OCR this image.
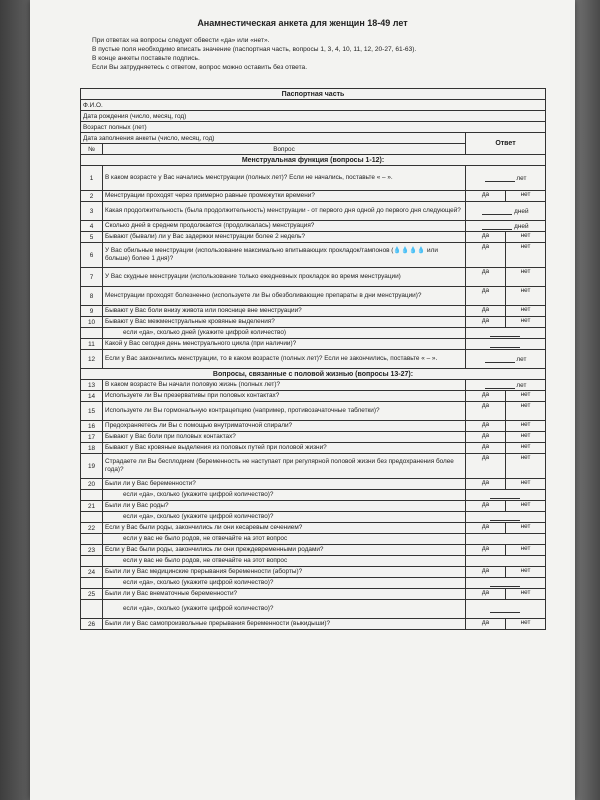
Анамнестическая анкета для женщин 18-49 лет
При ответах на вопросы следует обвести «да» или «нет».
В пустые поля необходимо вписать значение (паспортная часть, вопросы 1, 3, 4, 10, 11, 12, 20-27, 61-63).
В конце анкеты поставьте подпись.
Если Вы затрудняетесь с ответом, вопрос можно оставить без ответа.
Паспортная часть		
Ф.И.О.		
Дата рождения (число, месяц, год)		
Возраст полных (лет)		
Дата заполнения анкеты (число, месяц, год)		Ответ
№	Вопрос	
Менструальная функция (вопросы 1-12):		
1	В каком возрасте у Вас начались менструации (полных лет)? Если не начались, поставьте « – ».	лет
2	Менструации проходят через примерно равные промежутки времени?	да нет

3	Какая продолжительность (была продолжительность) менструации - от первого дня одной до первого дня следующей?	дней
4	Сколько дней в среднем продолжается (продолжалась) менструация?	дней
5	Бывают (бывали) ли у Вас задержки менструации более 2 недель?	да нет

6	У Вас обильные менструации (использование максимально впитывающих прокладок/тампонов (💧💧💧💧 или больше) более 1 дня)?	да нет

7	У Вас скудные менструации (использование только ежедневных прокладок во время менструации)	да нет

8	Менструации проходят болезненно (используете ли Вы обезболивающие препараты в дни менструации)?	да нет

9	Бывают у Вас боли внизу живота или пояснице вне менструации?	да нет

10	Бывают у Вас межменструальные кровяные выделения?	да нет

	если «да», сколько дней (укажите цифрой количество)	
11	Какой у Вас сегодня день менструального цикла (при наличии)?	
12	Если у Вас закончились менструации, то в каком возрасте (полных лет)? Если не закончились, поставьте « – ».	лет
Вопросы, связанные с половой жизнью (вопросы 13-27):		
13	В каком возрасте Вы начали половую жизнь (полных лет)?	лет
14	Используете ли Вы презервативы при половых контактах?	да нет

15	Используете ли Вы гормональную контрацепцию (например, противозачаточные таблетки)?	да нет

16	Предохраняетесь ли Вы с помощью внутриматочной спирали?	да нет

17	Бывают у Вас боли при половых контактах?	да нет

18	Бывают у Вас кровяные выделения из половых путей при половой жизни?	да нет

19	Страдаете ли Вы бесплодием (беременность не наступает при регулярной половой жизни без предохранения более года)?	да нет

20	Были ли у Вас беременности?	да нет

	если «да», сколько (укажите цифрой количество)?	
21	Были ли у Вас роды?	да нет

	если «да», сколько (укажите цифрой количество)?	
22	Если у Вас были роды, закончились ли они кесаревым сечением?	да нет

	если у вас не было родов, не отвечайте на этот вопрос	
23	Если у Вас были роды, закончились ли они преждевременными родами?	да нет

	если у вас не было родов, не отвечайте на этот вопрос	
24	Были ли у Вас медицинские прерывания беременности (аборты)?	да нет

	если «да», сколько (укажите цифрой количество)?	
25	Были ли у Вас внематочные беременности?	да нет

	если «да», сколько (укажите цифрой количество)?	
26	Были ли у Вас самопроизвольные прерывания беременности (выкидыши)?	да нет
